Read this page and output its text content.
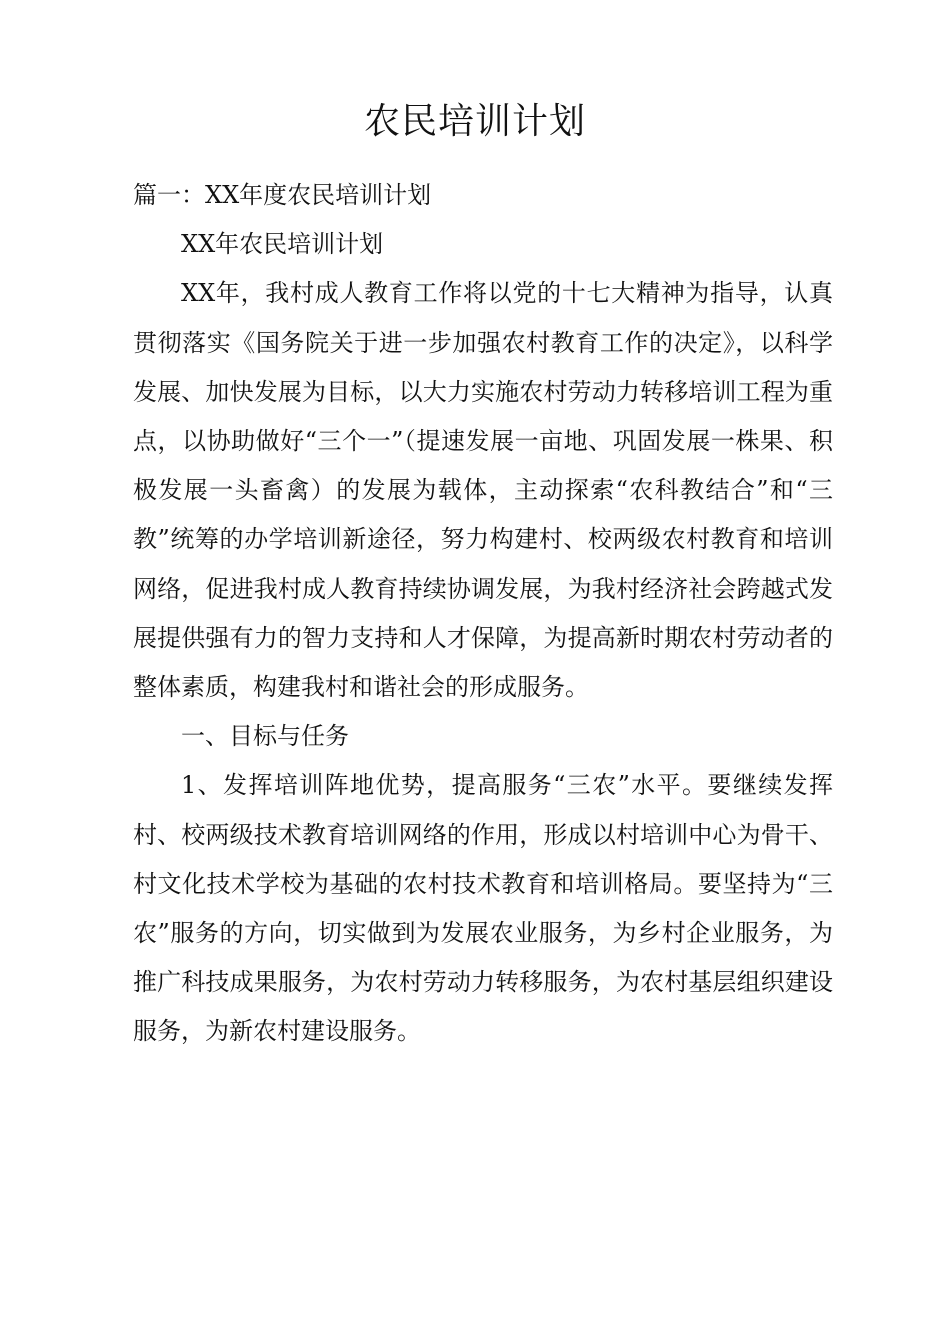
农民培训计划

篇一：XX年度农民培训计划

XX年农民培训计划

XX年，我村成人教育工作将以党的十七大精神为指导，认真贯彻落实《国务院关于进一步加强农村教育工作的决定》，以科学发展、加快发展为目标，以大力实施农村劳动力转移培训工程为重点，以协助做好“三个一”（提速发展一亩地、巩固发展一株果、积极发展一头畜禽）的发展为载体，主动探索“农科教结合”和“三教”统筹的办学培训新途径，努力构建村、校两级农村教育和培训网络，促进我村成人教育持续协调发展，为我村经济社会跨越式发展提供强有力的智力支持和人才保障，为提高新时期农村劳动者的整体素质，构建我村和谐社会的形成服务。

一、目标与任务

1、发挥培训阵地优势，提高服务“三农”水平。要继续发挥村、校两级技术教育培训网络的作用，形成以村培训中心为骨干、村文化技术学校为基础的农村技术教育和培训格局。要坚持为“三农”服务的方向，切实做到为发展农业服务，为乡村企业服务，为推广科技成果服务，为农村劳动力转移服务，为农村基层组织建设服务，为新农村建设服务。
